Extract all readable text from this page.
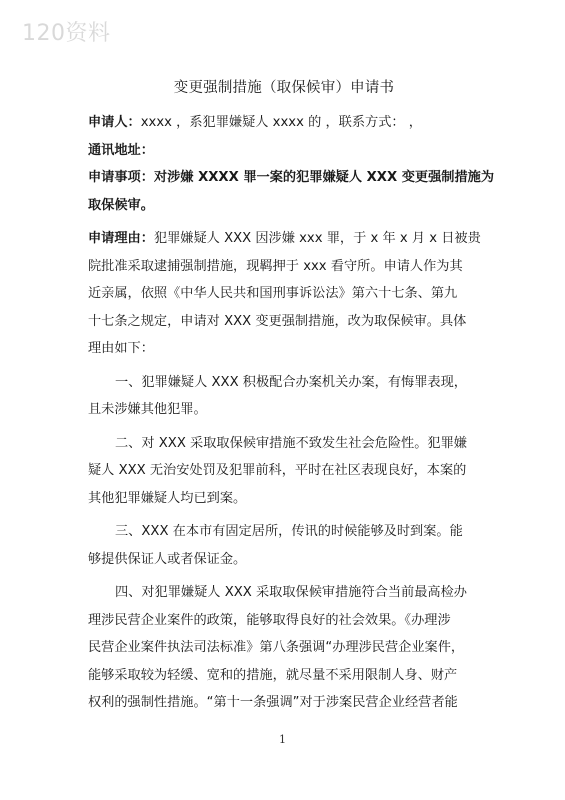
120资料

变更强制措施（取保候审）申请书

申请人：xxxx ，系犯罪嫌疑人 xxxx 的 ，联系方式： ，

通讯地址：

申请事项：对涉嫌 XXXX 罪一案的犯罪嫌疑人 XXX 变更强制措施为

取保候审。

申请理由：犯罪嫌疑人 XXX 因涉嫌 xxx 罪，于 x 年 x 月 x 日被贵

院批准采取逮捕强制措施，现羁押于 xxx 看守所。申请人作为其

近亲属，依照《中华人民共和国刑事诉讼法》第六十七条、第九

十七条之规定，申请对 XXX 变更强制措施，改为取保候审。具体

理由如下：

一、犯罪嫌疑人 XXX 积极配合办案机关办案，有悔罪表现，

且未涉嫌其他犯罪。

二、对 XXX 采取取保候审措施不致发生社会危险性。犯罪嫌

疑人 XXX 无治安处罚及犯罪前科，平时在社区表现良好，本案的

其他犯罪嫌疑人均已到案。

三、XXX 在本市有固定居所，传讯的时候能够及时到案。能

够提供保证人或者保证金。

四、对犯罪嫌疑人 XXX 采取取保候审措施符合当前最高检办

理涉民营企业案件的政策，能够取得良好的社会效果。《办理涉

民营企业案件执法司法标准》第八条强调“办理涉民营企业案件，

能够采取较为轻缓、宽和的措施，就尽量不采用限制人身、财产

权利的强制性措施。“第十一条强调”对于涉案民营企业经营者能

1
